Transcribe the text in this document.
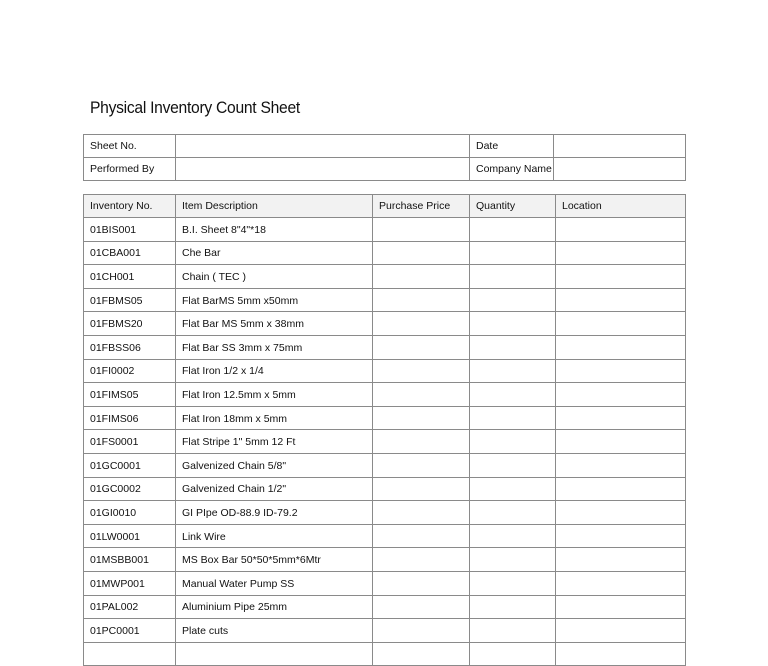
Physical Inventory Count Sheet
Sheet No.		Date	
Performed By		Company Name	
Inventory No.	Item Description	Purchase Price	Quantity	Location
01BIS001	B.I. Sheet 8"4"*18			
01CBA001	Che Bar			
01CH001	Chain ( TEC )			
01FBMS05	Flat BarMS 5mm x50mm			
01FBMS20	Flat Bar MS 5mm x 38mm			
01FBSS06	Flat Bar SS 3mm x 75mm			
01FI0002	Flat Iron 1/2 x 1/4			
01FIMS05	Flat Iron 12.5mm x 5mm			
01FIMS06	Flat Iron 18mm x 5mm			
01FS0001	Flat Stripe 1" 5mm 12 Ft			
01GC0001	Galvenized Chain 5/8"			
01GC0002	Galvenized Chain 1/2"			
01GI0010	GI PIpe OD-88.9 ID-79.2			
01LW0001	Link Wire			
01MSBB001	MS Box Bar 50*50*5mm*6Mtr			
01MWP001	Manual Water Pump SS			
01PAL002	Aluminium Pipe 25mm			
01PC0001	Plate cuts			
